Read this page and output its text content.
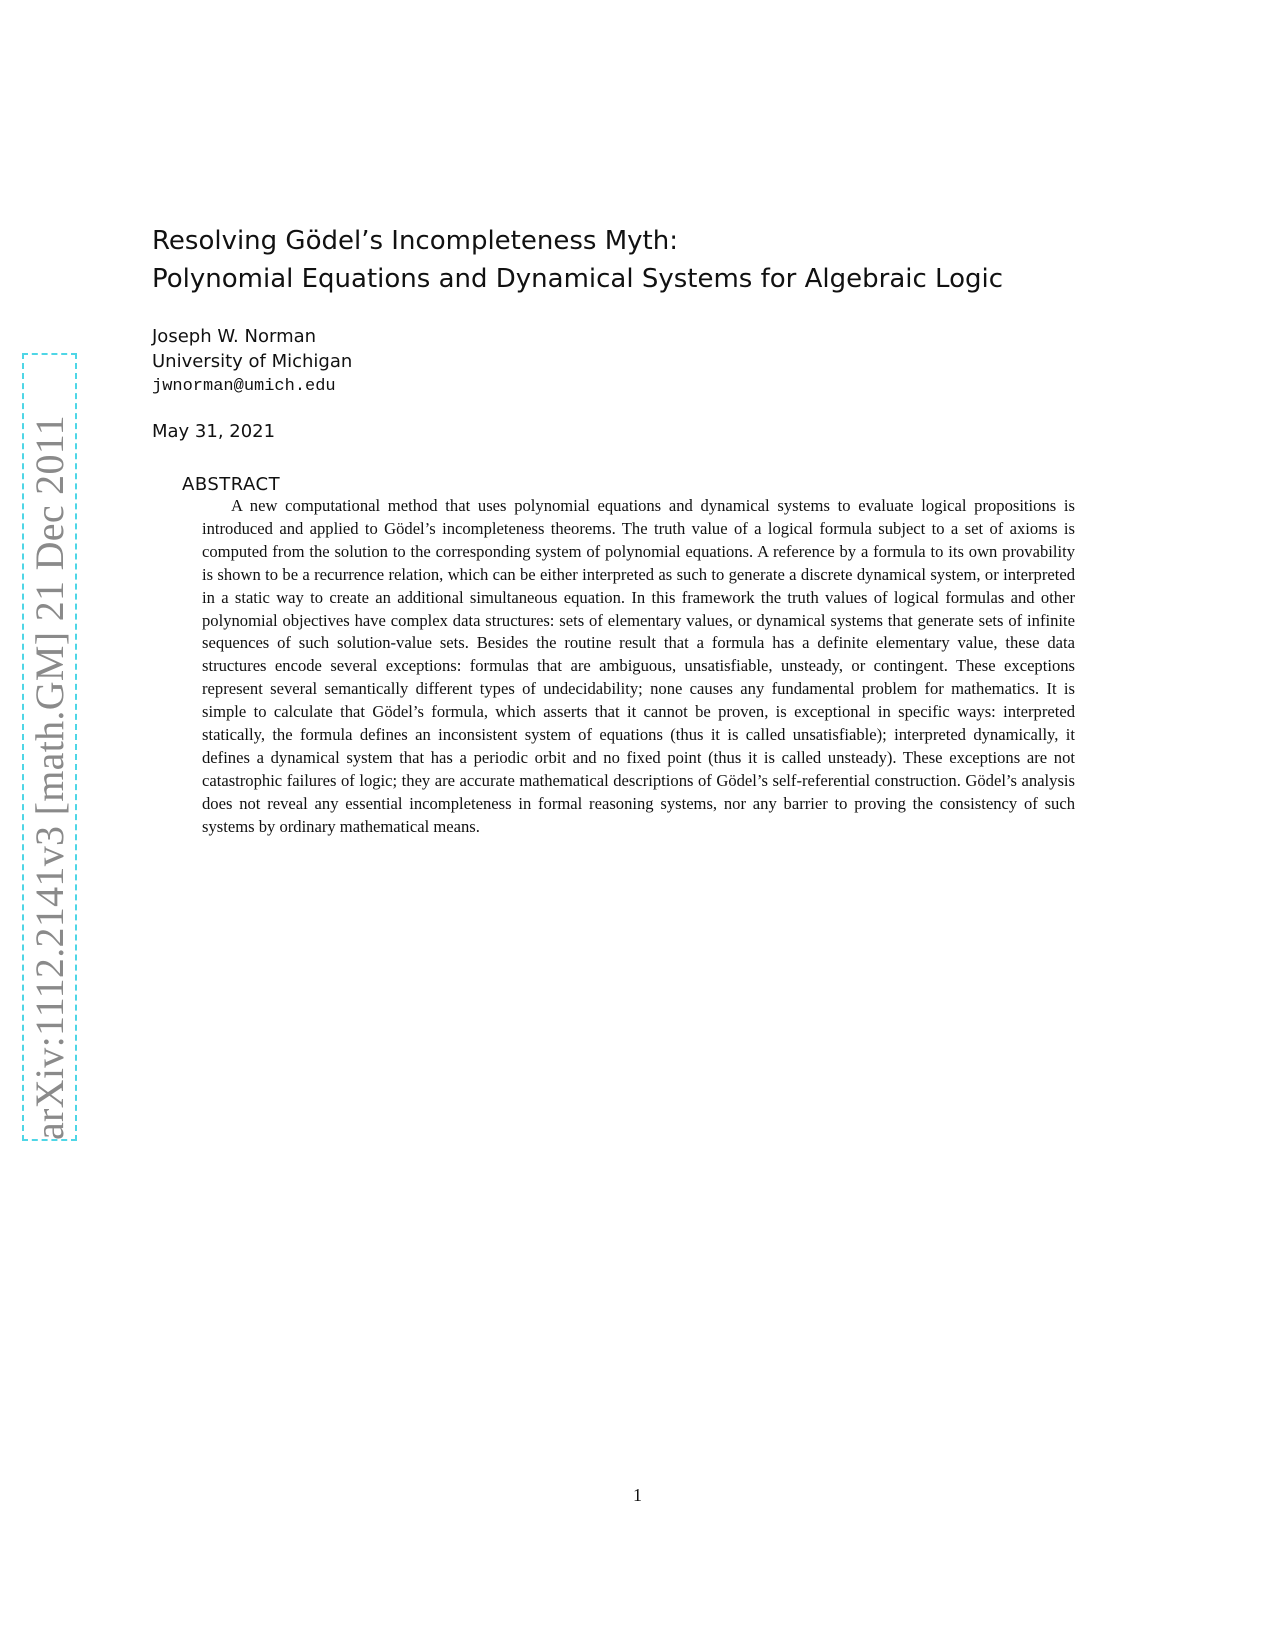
arXiv:1112.2141v3 [math.GM] 21 Dec 2011
Resolving Gödel’s Incompleteness Myth:
Polynomial Equations and Dynamical Systems for Algebraic Logic
Joseph W. Norman
University of Michigan
jwnorman@umich.edu
May 31, 2021
ABSTRACT

A new computational method that uses polynomial equations and dynamical systems to evaluate logical propositions is introduced and applied to Gödel’s incompleteness theorems. The truth value of a logical formula subject to a set of axioms is computed from the solution to the corresponding system of polynomial equations. A reference by a formula to its own provability is shown to be a recurrence relation, which can be either interpreted as such to generate a discrete dynamical system, or interpreted in a static way to create an additional simultaneous equation. In this framework the truth values of logical formulas and other polynomial objectives have complex data structures: sets of elementary values, or dynamical systems that generate sets of infinite sequences of such solution-value sets. Besides the routine result that a formula has a definite elementary value, these data structures encode several exceptions: formulas that are ambiguous, unsatisfiable, unsteady, or contingent. These exceptions represent several semantically different types of undecidability; none causes any fundamental problem for mathematics. It is simple to calculate that Gödel’s formula, which asserts that it cannot be proven, is exceptional in specific ways: interpreted statically, the formula defines an inconsistent system of equations (thus it is called unsatisfiable); interpreted dynamically, it defines a dynamical system that has a periodic orbit and no fixed point (thus it is called unsteady). These exceptions are not catastrophic failures of logic; they are accurate mathematical descriptions of Gödel’s self-referential construction. Gödel’s analysis does not reveal any essential incompleteness in formal reasoning systems, nor any barrier to proving the consistency of such systems by ordinary mathematical means.

1
